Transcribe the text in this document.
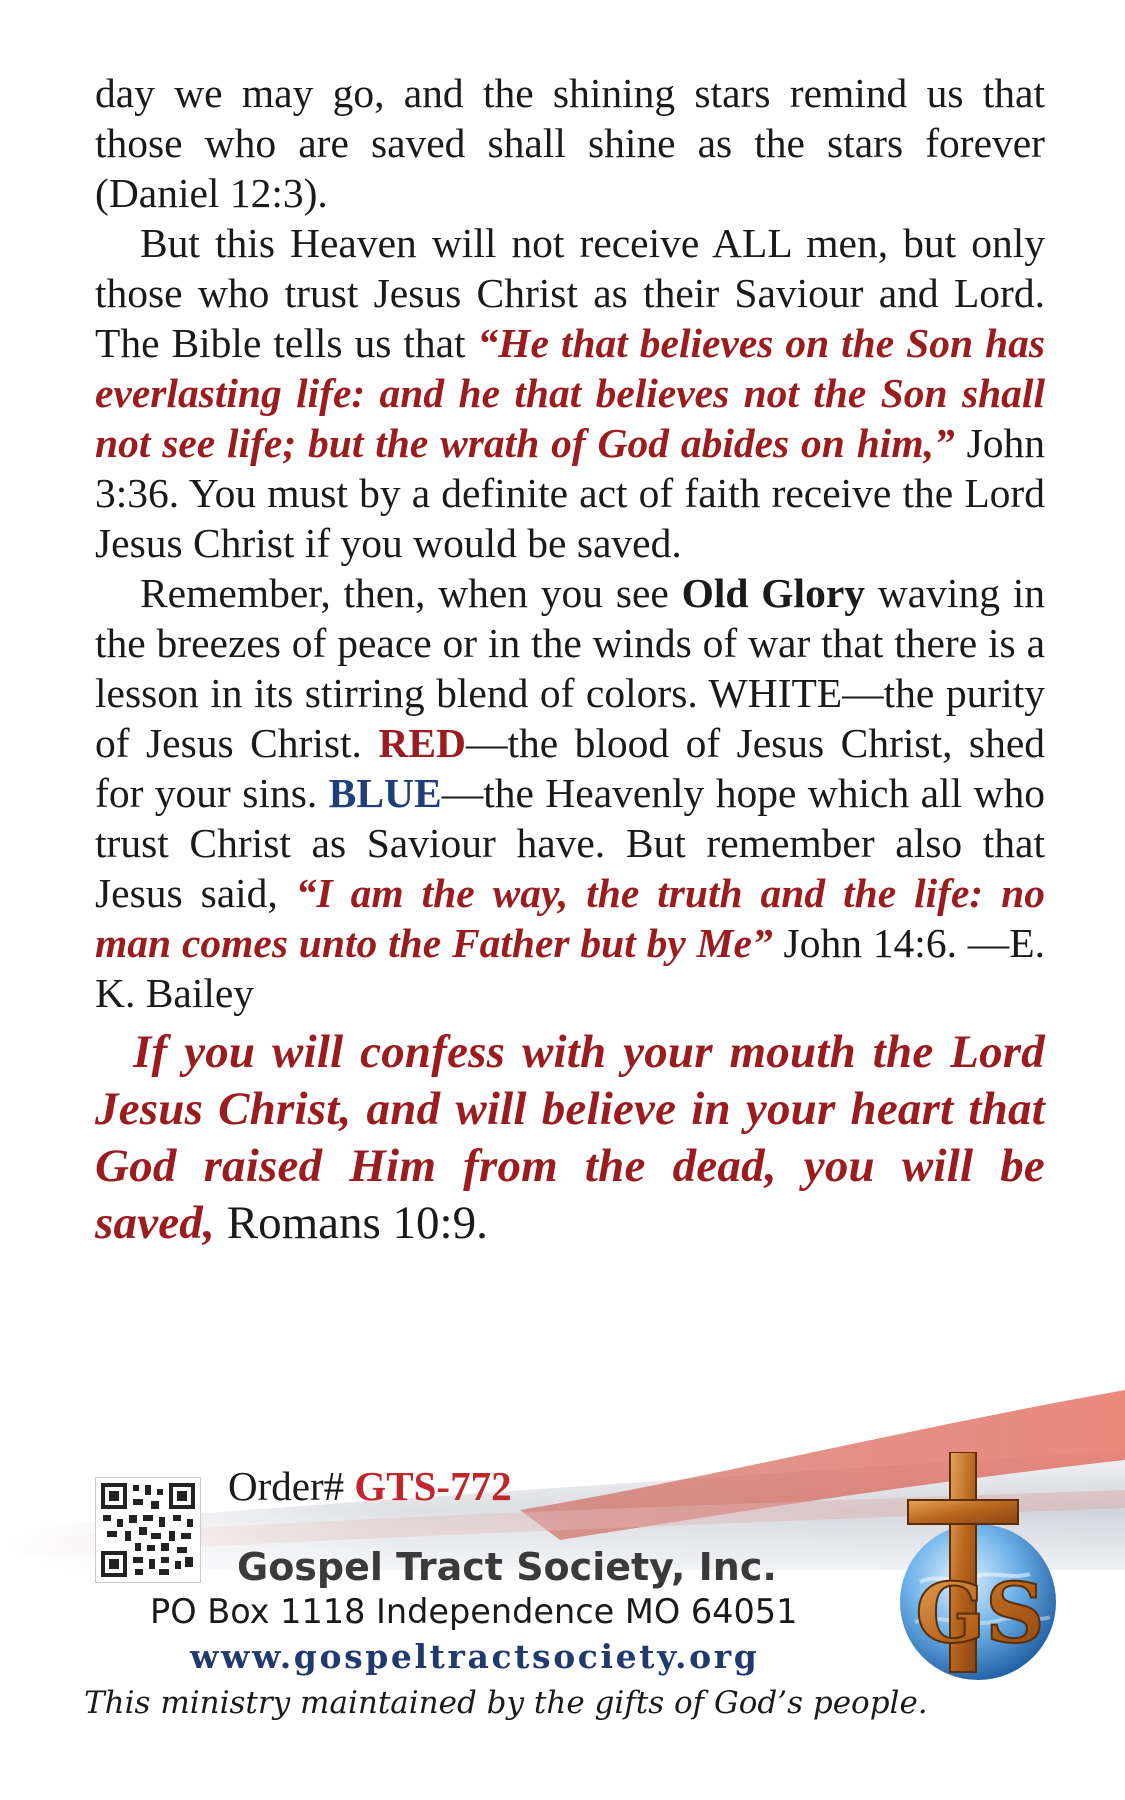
day we may go, and the shining stars remind us that those who are saved shall shine as the stars forever (Daniel 12:3).

But this Heaven will not receive ALL men, but only those who trust Jesus Christ as their Saviour and Lord. The Bible tells us that “He that believes on the Son has everlasting life: and he that believes not the Son shall not see life; but the wrath of God abides on him,” John 3:36. You must by a definite act of faith receive the Lord Jesus Christ if you would be saved.

Remember, then, when you see Old Glory waving in the breezes of peace or in the winds of war that there is a lesson in its stirring blend of colors. WHITE—the purity of Jesus Christ. RED—the blood of Jesus Christ, shed for your sins. BLUE—the Heavenly hope which all who trust Christ as Saviour have. But remember also that Jesus said, “I am the way, the truth and the life: no man comes unto the Father but by Me” John 14:6. —E. K. Bailey

If you will confess with your mouth the Lord Jesus Christ, and will believe in your heart that God raised Him from the dead, you will be saved, Romans 10:9.

Order# GTS-772
Gospel Tract Society, Inc.
PO Box 1118 Independence MO 64051
www.gospeltractsociety.org
This ministry maintained by the gifts of God’s people.
GS
